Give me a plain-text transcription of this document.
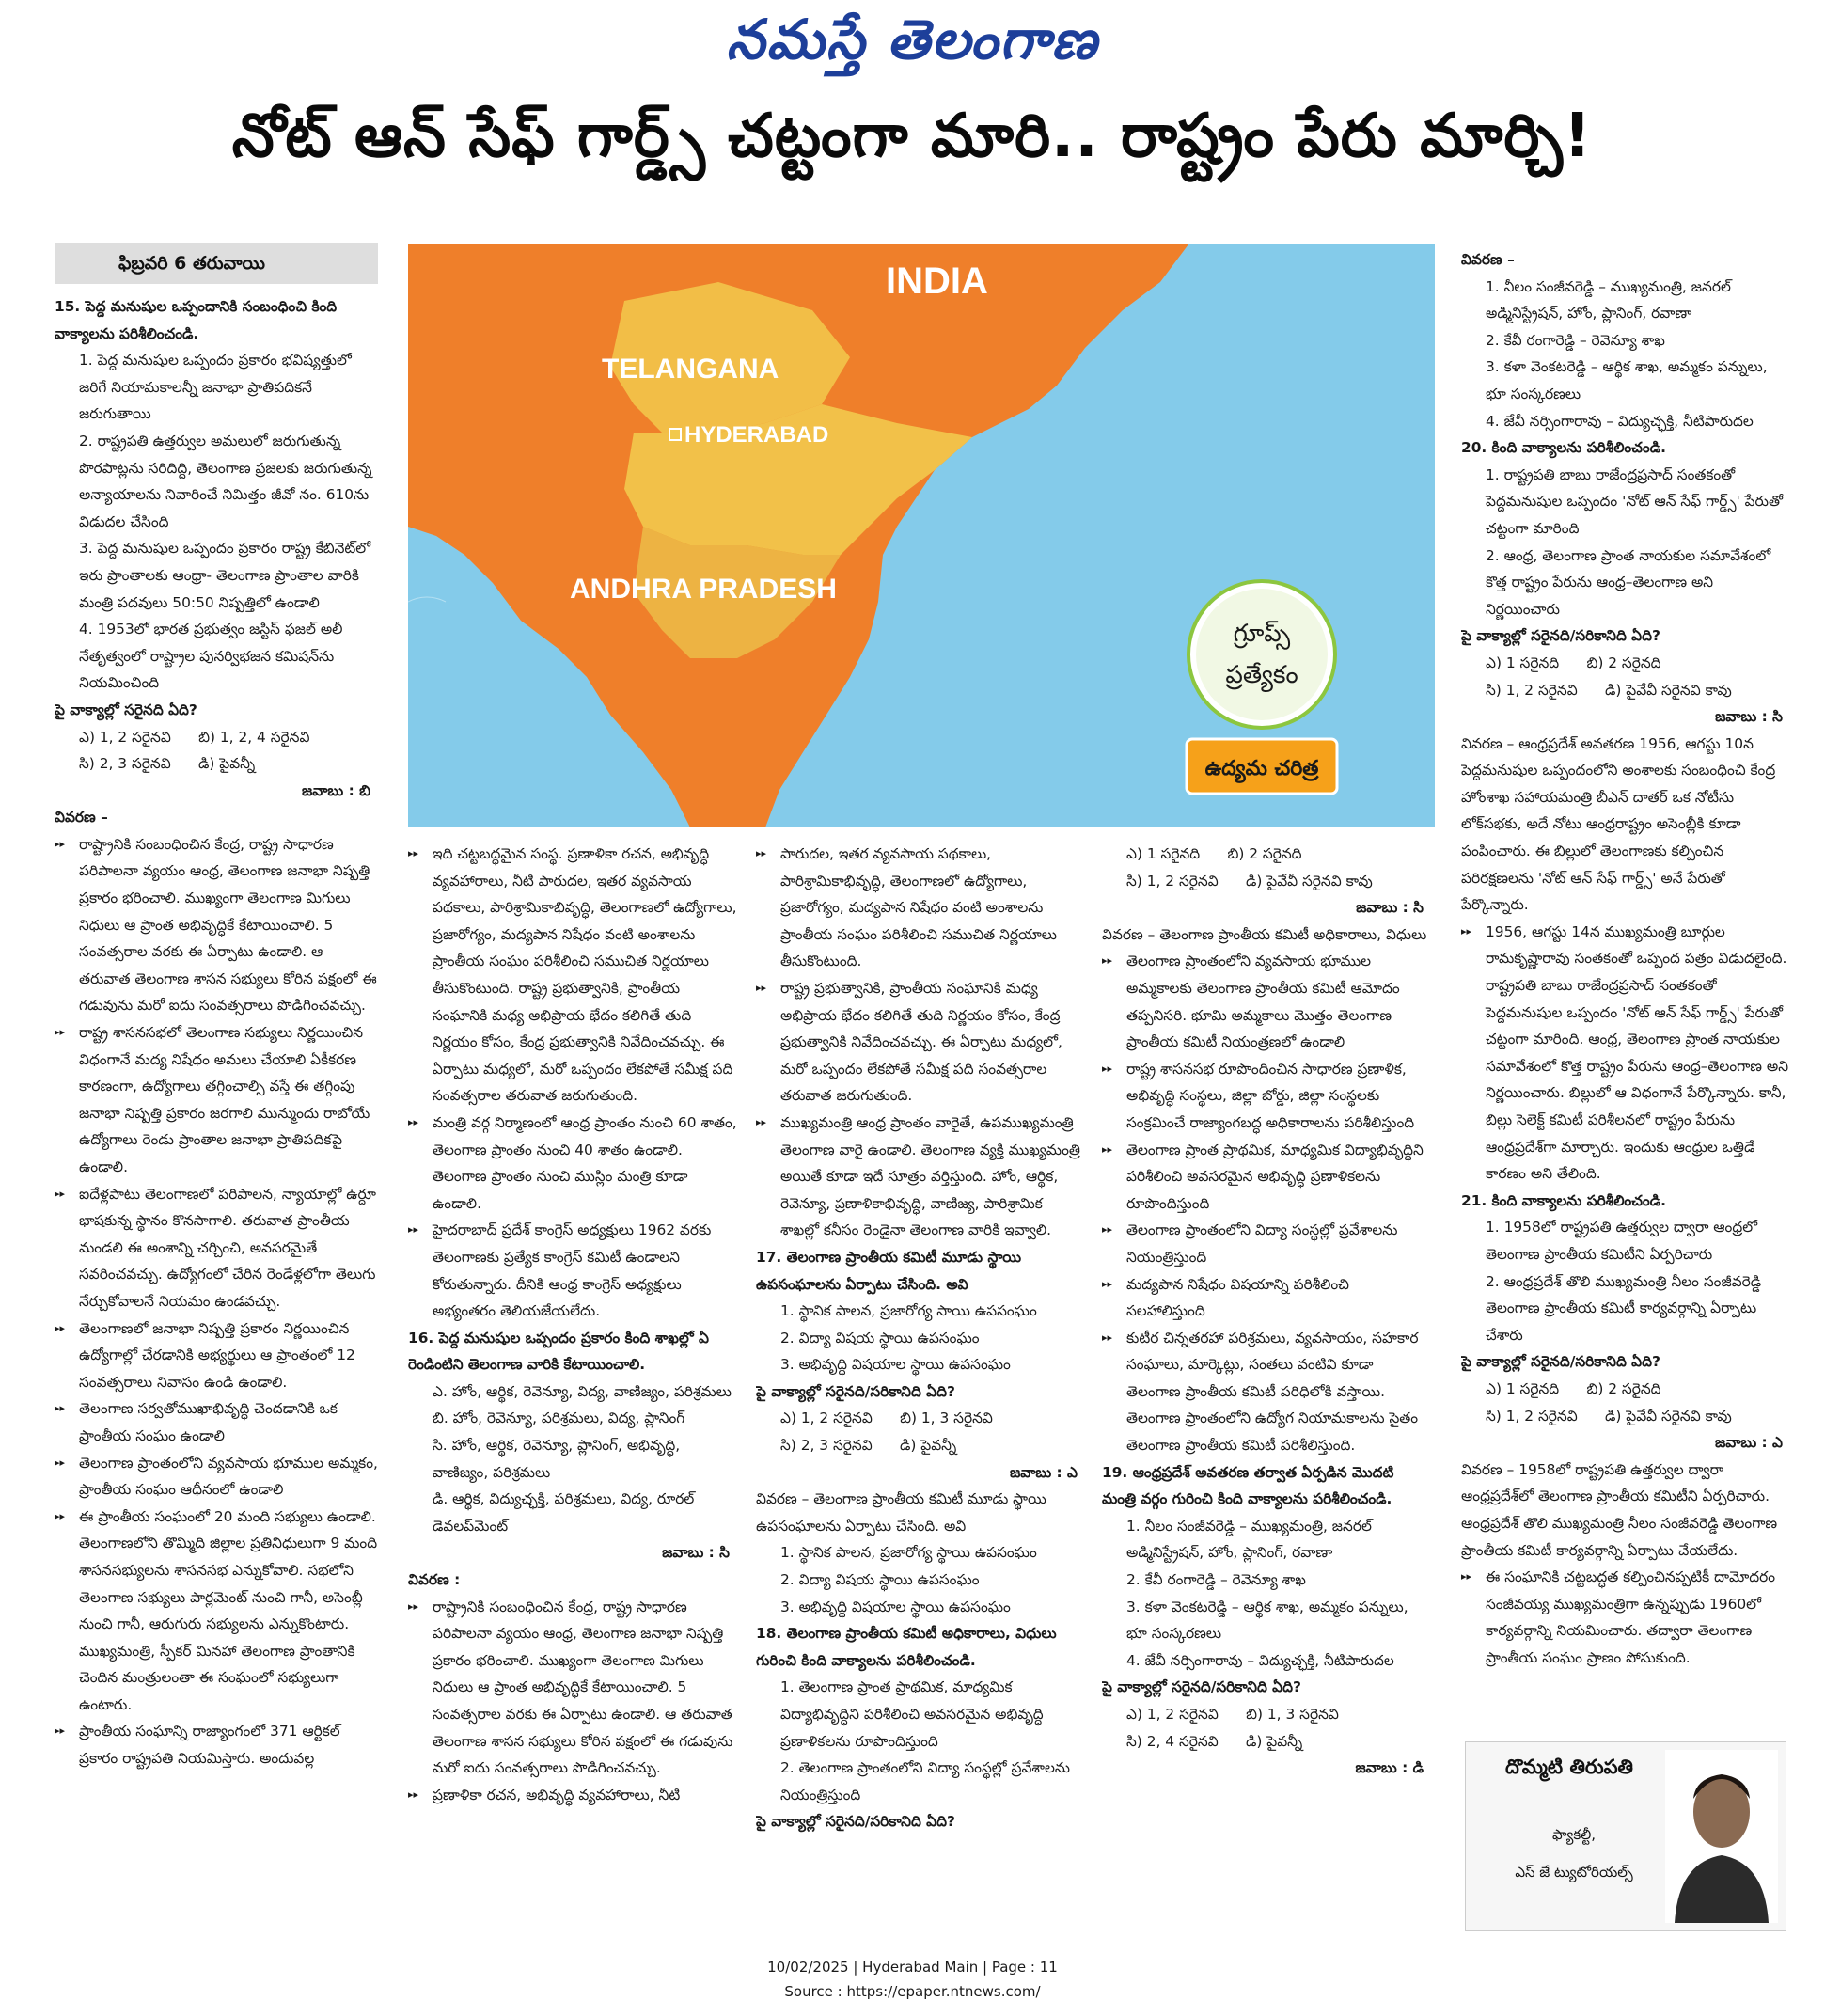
నమస్తే తెలంగాణ
నోట్ ఆన్ సేఫ్ గార్డ్స్ చట్టంగా మారి.. రాష్ట్రం పేరు మార్చి!
ఫిబ్రవరి 6 తరువాయి	INDIA
TELANGANA
HYDERABAD
ANDHRA PRADESH
గ్రూప్స్
ప్రత్యేకం
ఉద్యమ చరిత్ర

15. పెద్ద మనుషుల ఒప్పందానికి సంబంధించి కింది వాక్యాలను పరిశీలించండి.

1. పెద్ద మనుషుల ఒప్పందం ప్రకారం భవిష్యత్తులో జరిగే నియామకాలన్నీ జనాభా ప్రాతిపదికనే జరుగుతాయి

2. రాష్ట్రపతి ఉత్తర్వుల అమలులో జరుగుతున్న పొరపాట్లను సరిదిద్ది, తెలంగాణ ప్రజలకు జరుగుతున్న అన్యాయాలను నివారించే నిమిత్తం జీవో నం. 610ను విడుదల చేసింది

3. పెద్ద మనుషుల ఒప్పందం ప్రకారం రాష్ట్ర కేబినెట్‌లో ఇరు ప్రాంతాలకు ఆంధ్రా- తెలంగాణ ప్రాంతాల వారికి మంత్రి పదవులు 50:50 నిష్పత్తిలో ఉండాలి

4. 1953లో భారత ప్రభుత్వం జస్టిస్ ఫజల్ అలీ నేతృత్వంలో రాష్ట్రాల పునర్విభజన కమిషన్‌ను నియమించింది

పై వాక్యాల్లో సరైనది ఏది?

ఎ) 1, 2 సరైనవి      బి) 1, 2, 4 సరైనవి

సి) 2, 3 సరైనవి      డి) పైవన్నీ

జవాబు : బి

వివరణ –

▸▸ రాష్ట్రానికి సంబంధించిన కేంద్ర, రాష్ట్ర సాధారణ పరిపాలనా వ్యయం ఆంధ్ర, తెలంగాణ జనాభా నిష్పత్తి ప్రకారం భరించాలి. ముఖ్యంగా తెలంగాణ మిగులు నిధులు ఆ ప్రాంత అభివృద్ధికే కేటాయించాలి. 5 సంవత్సరాల వరకు ఈ ఏర్పాటు ఉండాలి. ఆ తరువాత తెలంగాణ శాసన సభ్యులు కోరిన పక్షంలో ఈ గడువును మరో ఐదు సంవత్సరాలు పొడిగించవచ్చు.

▸▸ రాష్ట్ర శాసనసభలో తెలంగాణ సభ్యులు నిర్ణయించిన విధంగానే మద్య నిషేధం అమలు చేయాలి ఏకీకరణ కారణంగా, ఉద్యోగాలు తగ్గించాల్సి వస్తే ఈ తగ్గింపు జనాభా నిష్పత్తి ప్రకారం జరగాలి మున్ముందు రాబోయే ఉద్యోగాలు రెండు ప్రాంతాల జనాభా ప్రాతిపదికపై ఉండాలి.

▸▸ ఐదేళ్లపాటు తెలంగాణలో పరిపాలన, న్యాయాల్లో ఉర్దూ భాషకున్న స్థానం కొనసాగాలి. తరువాత ప్రాంతీయ మండలి ఈ అంశాన్ని చర్చించి, అవసరమైతే సవరించవచ్చు. ఉద్యోగంలో చేరిన రెండేళ్లలోగా తెలుగు నేర్చుకోవాలనే నియమం ఉండవచ్చు.

▸▸ తెలంగాణలో జనాభా నిష్పత్తి ప్రకారం నిర్ణయించిన ఉద్యోగాల్లో చేరడానికి అభ్యర్థులు ఆ ప్రాంతంలో 12 సంవత్సరాలు నివాసం ఉండి ఉండాలి.

▸▸ తెలంగాణ సర్వతోముఖాభివృద్ధి చెందడానికి ఒక ప్రాంతీయ సంఘం ఉండాలి

▸▸ తెలంగాణ ప్రాంతంలోని వ్యవసాయ భూముల అమ్మకం, ప్రాంతీయ సంఘం ఆధీనంలో ఉండాలి

▸▸ ఈ ప్రాంతీయ సంఘంలో 20 మంది సభ్యులు ఉండాలి. తెలంగాణలోని తొమ్మిది జిల్లాల ప్రతినిధులుగా 9 మంది శాసనసభ్యులను శాసనసభ ఎన్నుకోవాలి. సభలోని తెలంగాణ సభ్యులు పార్లమెంట్ నుంచి గానీ, అసెంబ్లీ నుంచి గానీ, ఆరుగురు సభ్యులను ఎన్నుకొంటారు. ముఖ్యమంత్రి, స్పీకర్ మినహా తెలంగాణ ప్రాంతానికి చెందిన మంత్రులంతా ఈ సంఘంలో సభ్యులుగా ఉంటారు.

▸▸ ప్రాంతీయ సంఘాన్ని రాజ్యాంగంలో 371 ఆర్టికల్ ప్రకారం రాష్ట్రపతి నియమిస్తారు. అందువల్ల

▸▸ ఇది చట్టబద్ధమైన సంస్థ. ప్రణాళికా రచన, అభివృద్ధి వ్యవహారాలు, నీటి పారుదల, ఇతర వ్యవసాయ పథకాలు, పారిశ్రామికాభివృద్ధి, తెలంగాణలో ఉద్యోగాలు, ప్రజారోగ్యం, మద్యపాన నిషేధం వంటి అంశాలను ప్రాంతీయ సంఘం పరిశీలించి సముచిత నిర్ణయాలు తీసుకొంటుంది. రాష్ట్ర ప్రభుత్వానికి, ప్రాంతీయ సంఘానికి మధ్య అభిప్రాయ భేదం కలిగితే తుది నిర్ణయం కోసం, కేంద్ర ప్రభుత్వానికి నివేదించవచ్చు. ఈ ఏర్పాటు మధ్యలో, మరో ఒప్పందం లేకపోతే సమీక్ష పది సంవత్సరాల తరువాత జరుగుతుంది.

▸▸ మంత్రి వర్గ నిర్మాణంలో ఆంధ్ర ప్రాంతం నుంచి 60 శాతం, తెలంగాణ ప్రాంతం నుంచి 40 శాతం ఉండాలి. తెలంగాణ ప్రాంతం నుంచి ముస్లిం మంత్రి కూడా ఉండాలి.

▸▸ హైదరాబాద్ ప్రదేశ్ కాంగ్రెస్ అధ్యక్షులు 1962 వరకు తెలంగాణకు ప్రత్యేక కాంగ్రెస్ కమిటీ ఉండాలని కోరుతున్నారు. దీనికి ఆంధ్ర కాంగ్రెస్ అధ్యక్షులు అభ్యంతరం తెలియజేయలేదు.

16. పెద్ద మనుషుల ఒప్పందం ప్రకారం కింది శాఖల్లో ఏ రెండింటిని తెలంగాణ వారికి కేటాయించాలి.

ఎ. హోం, ఆర్థిక, రెవెన్యూ, విద్య, వాణిజ్యం, పరిశ్రమలు

బి. హోం, రెవెన్యూ, పరిశ్రమలు, విద్య, ప్లానింగ్

సి. హోం, ఆర్థిక, రెవెన్యూ, ప్లానింగ్, అభివృద్ధి, వాణిజ్యం, పరిశ్రమలు

డి. ఆర్థిక, విద్యుచ్ఛక్తి, పరిశ్రమలు, విద్య, రూరల్ డెవలప్‌మెంట్

జవాబు : సి

వివరణ :

▸▸ రాష్ట్రానికి సంబంధించిన కేంద్ర, రాష్ట్ర సాధారణ పరిపాలనా వ్యయం ఆంధ్ర, తెలంగాణ జనాభా నిష్పత్తి ప్రకారం భరించాలి. ముఖ్యంగా తెలంగాణ మిగులు నిధులు ఆ ప్రాంత అభివృద్ధికే కేటాయించాలి. 5 సంవత్సరాల వరకు ఈ ఏర్పాటు ఉండాలి. ఆ తరువాత తెలంగాణ శాసన సభ్యులు కోరిన పక్షంలో ఈ గడువును మరో ఐదు సంవత్సరాలు పొడిగించవచ్చు.

▸▸ ప్రణాళికా రచన, అభివృద్ధి వ్యవహారాలు, నీటి

▸▸ పారుదల, ఇతర వ్యవసాయ పథకాలు, పారిశ్రామికాభివృద్ధి, తెలంగాణలో ఉద్యోగాలు, ప్రజారోగ్యం, మద్యపాన నిషేధం వంటి అంశాలను ప్రాంతీయ సంఘం పరిశీలించి సముచిత నిర్ణయాలు తీసుకొంటుంది.

▸▸ రాష్ట్ర ప్రభుత్వానికి, ప్రాంతీయ సంఘానికి మధ్య అభిప్రాయ భేదం కలిగితే తుది నిర్ణయం కోసం, కేంద్ర ప్రభుత్వానికి నివేదించవచ్చు. ఈ ఏర్పాటు మధ్యలో, మరో ఒప్పందం లేకపోతే సమీక్ష పది సంవత్సరాల తరువాత జరుగుతుంది.

▸▸ ముఖ్యమంత్రి ఆంధ్ర ప్రాంతం వారైతే, ఉపముఖ్యమంత్రి తెలంగాణ వారై ఉండాలి. తెలంగాణ వ్యక్తి ముఖ్యమంత్రి అయితే కూడా ఇదే సూత్రం వర్తిస్తుంది. హోం, ఆర్థిక, రెవెన్యూ, ప్రణాళికాభివృద్ధి, వాణిజ్య, పారిశ్రామిక శాఖల్లో కనీసం రెండైనా తెలంగాణ వారికి ఇవ్వాలి.

17. తెలంగాణ ప్రాంతీయ కమిటీ మూడు స్థాయి ఉపసంఘాలను ఏర్పాటు చేసింది. అవి

1. స్థానిక పాలన, ప్రజారోగ్య సాయి ఉపసంఘం

2. విద్యా విషయ స్థాయి ఉపసంఘం

3. అభివృద్ధి విషయాల స్థాయి ఉపసంఘం

పై వాక్యాల్లో సరైనది/సరికానిది ఏది?

ఎ) 1, 2 సరైనవి      బి) 1, 3 సరైనవి

సి) 2, 3 సరైనవి      డి) పైవన్నీ

జవాబు : ఎ

వివరణ – తెలంగాణ ప్రాంతీయ కమిటీ మూడు స్థాయి ఉపసంఘాలను ఏర్పాటు చేసింది. అవి

1. స్థానిక పాలన, ప్రజారోగ్య స్థాయి ఉపసంఘం

2. విద్యా విషయ స్థాయి ఉపసంఘం

3. అభివృద్ధి విషయాల స్థాయి ఉపసంఘం

18. తెలంగాణ ప్రాంతీయ కమిటీ అధికారాలు, విధులు గురించి కింది వాక్యాలను పరిశీలించండి.

1. తెలంగాణ ప్రాంత ప్రాథమిక, మాధ్యమిక విద్యాభివృద్ధిని పరిశీలించి అవసరమైన అభివృద్ధి ప్రణాళికలను రూపొందిస్తుంది

2. తెలంగాణ ప్రాంతంలోని విద్యా సంస్థల్లో ప్రవేశాలను నియంత్రిస్తుంది

పై వాక్యాల్లో సరైనది/సరికానిది ఏది?

ఎ) 1 సరైనది      బి) 2 సరైనది

సి) 1, 2 సరైనవి      డి) పైవేవీ సరైనవి కావు

జవాబు : సి

వివరణ – తెలంగాణ ప్రాంతీయ కమిటీ అధికారాలు, విధులు

▸▸ తెలంగాణ ప్రాంతంలోని వ్యవసాయ భూముల అమ్మకాలకు తెలంగాణ ప్రాంతీయ కమిటీ ఆమోదం తప్పనిసరి. భూమి అమ్మకాలు మొత్తం తెలంగాణ ప్రాంతీయ కమిటీ నియంత్రణలో ఉండాలి

▸▸ రాష్ట్ర శాసనసభ రూపొందించిన సాధారణ ప్రణాళిక, అభివృద్ధి సంస్థలు, జిల్లా బోర్డు, జిల్లా సంస్థలకు సంక్రమించే రాజ్యాంగబద్ధ అధికారాలను పరిశీలిస్తుంది

▸▸ తెలంగాణ ప్రాంత ప్రాథమిక, మాధ్యమిక విద్యాభివృద్ధిని పరిశీలించి అవసరమైన అభివృద్ధి ప్రణాళికలను రూపొందిస్తుంది

▸▸ తెలంగాణ ప్రాంతంలోని విద్యా సంస్థల్లో ప్రవేశాలను నియంత్రిస్తుంది

▸▸ మద్యపాన నిషేధం విషయాన్ని పరిశీలించి సలహాలిస్తుంది

▸▸ కుటీర చిన్నతరహా పరిశ్రమలు, వ్యవసాయం, సహకార సంఘాలు, మార్కెట్లు, సంతలు వంటివి కూడా తెలంగాణ ప్రాంతీయ కమిటీ పరిధిలోకి వస్తాయి. తెలంగాణ ప్రాంతంలోని ఉద్యోగ నియామకాలను సైతం తెలంగాణ ప్రాంతీయ కమిటీ పరిశీలిస్తుంది.

19. ఆంధ్రప్రదేశ్ అవతరణ తర్వాత ఏర్పడిన మొదటి మంత్రి వర్గం గురించి కింది వాక్యాలను పరిశీలించండి.

1. నీలం సంజీవరెడ్డి – ముఖ్యమంత్రి, జనరల్ అడ్మినిస్ట్రేషన్, హోం, ప్లానింగ్, రవాణా

2. కేవీ రంగారెడ్డి – రెవెన్యూ శాఖ

3. కళా వెంకటరెడ్డి – ఆర్థిక శాఖ, అమ్మకం పన్నులు, భూ సంస్కరణలు

4. జేవీ నర్సింగారావు – విద్యుచ్ఛక్తి, నీటిపారుదల

పై వాక్యాల్లో సరైనది/సరికానిది ఏది?

ఎ) 1, 2 సరైనవి      బి) 1, 3 సరైనవి

సి) 2, 4 సరైనవి      డి) పైవన్నీ

జవాబు : డి

వివరణ –

1. నీలం సంజీవరెడ్డి – ముఖ్యమంత్రి, జనరల్ అడ్మినిస్ట్రేషన్, హోం, ప్లానింగ్, రవాణా

2. కేవీ రంగారెడ్డి – రెవెన్యూ శాఖ

3. కళా వెంకటరెడ్డి – ఆర్థిక శాఖ, అమ్మకం పన్నులు, భూ సంస్కరణలు

4. జేవీ నర్సింగారావు – విద్యుచ్ఛక్తి, నీటిపారుదల

20. కింది వాక్యాలను పరిశీలించండి.

1. రాష్ట్రపతి బాబు రాజేంద్రప్రసాద్ సంతకంతో పెద్దమనుషుల ఒప్పందం 'నోట్ ఆన్ సేఫ్ గార్డ్స్' పేరుతో చట్టంగా మారింది

2. ఆంధ్ర, తెలంగాణ ప్రాంత నాయకుల సమావేశంలో కొత్త రాష్ట్రం పేరును ఆంధ్ర–తెలంగాణ అని నిర్ణయించారు

పై వాక్యాల్లో సరైనది/సరికానిది ఏది?

ఎ) 1 సరైనది      బి) 2 సరైనది

సి) 1, 2 సరైనవి      డి) పైవేవీ సరైనవి కావు

జవాబు : సి

వివరణ – ఆంధ్రప్రదేశ్ అవతరణ 1956, ఆగస్టు 10న పెద్దమనుషుల ఒప్పందంలోని అంశాలకు సంబంధించి కేంద్ర హోంశాఖ సహాయమంత్రి బీఎన్ దాతర్ ఒక నోటీసు లోక్‌సభకు, అదే నోటు ఆంధ్రరాష్ట్రం అసెంబ్లీకి కూడా పంపించారు. ఈ బిల్లులో తెలంగాణకు కల్పించిన పరిరక్షణలను 'నోట్ ఆన్ సేఫ్ గార్డ్స్' అనే పేరుతో పేర్కొన్నారు.

▸▸ 1956, ఆగస్టు 14న ముఖ్యమంత్రి బూర్గుల రామకృష్ణారావు సంతకంతో ఒప్పంద పత్రం విడుదలైంది. రాష్ట్రపతి బాబు రాజేంద్రప్రసాద్ సంతకంతో పెద్దమనుషుల ఒప్పందం 'నోట్ ఆన్ సేఫ్ గార్డ్స్' పేరుతో చట్టంగా మారింది. ఆంధ్ర, తెలంగాణ ప్రాంత నాయకుల సమావేశంలో కొత్త రాష్ట్రం పేరును ఆంధ్ర–తెలంగాణ అని నిర్ణయించారు. బిల్లులో ఆ విధంగానే పేర్కొన్నారు. కానీ, బిల్లు సెలెక్ట్ కమిటీ పరిశీలనలో రాష్ట్రం పేరును ఆంధ్రప్రదేశ్‌గా మార్చారు. ఇందుకు ఆంధ్రుల ఒత్తిడే కారణం అని తేలింది.

21. కింది వాక్యాలను పరిశీలించండి.

1. 1958లో రాష్ట్రపతి ఉత్తర్వుల ద్వారా ఆంధ్రలో తెలంగాణ ప్రాంతీయ కమిటీని ఏర్పరిచారు

2. ఆంధ్రప్రదేశ్ తొలి ముఖ్యమంత్రి నీలం సంజీవరెడ్డి తెలంగాణ ప్రాంతీయ కమిటీ కార్యవర్గాన్ని ఏర్పాటు చేశారు

పై వాక్యాల్లో సరైనది/సరికానిది ఏది?

ఎ) 1 సరైనది      బి) 2 సరైనది

సి) 1, 2 సరైనవి      డి) పైవేవీ సరైనవి కావు

జవాబు : ఎ

వివరణ – 1958లో రాష్ట్రపతి ఉత్తర్వుల ద్వారా ఆంధ్రప్రదేశ్‌లో తెలంగాణ ప్రాంతీయ కమిటీని ఏర్పరిచారు. ఆంధ్రప్రదేశ్ తొలి ముఖ్యమంత్రి నీలం సంజీవరెడ్డి తెలంగాణ ప్రాంతీయ కమిటీ కార్యవర్గాన్ని ఏర్పాటు చేయలేదు.

▸▸ ఈ సంఘానికి చట్టబద్ధత కల్పించినప్పటికీ దామోదరం సంజీవయ్య ముఖ్యమంత్రిగా ఉన్నప్పుడు 1960లో కార్యవర్గాన్ని నియమించారు. తద్వారా తెలంగాణ ప్రాంతీయ సంఘం ప్రాణం పోసుకుంది.

దొమ్మటి తిరుపతి
ఫ్యాకల్టీ,
ఎస్ జే ట్యుటోరియల్స్
10/02/2025 | Hyderabad Main | Page : 11
Source : https://epaper.ntnews.com/
